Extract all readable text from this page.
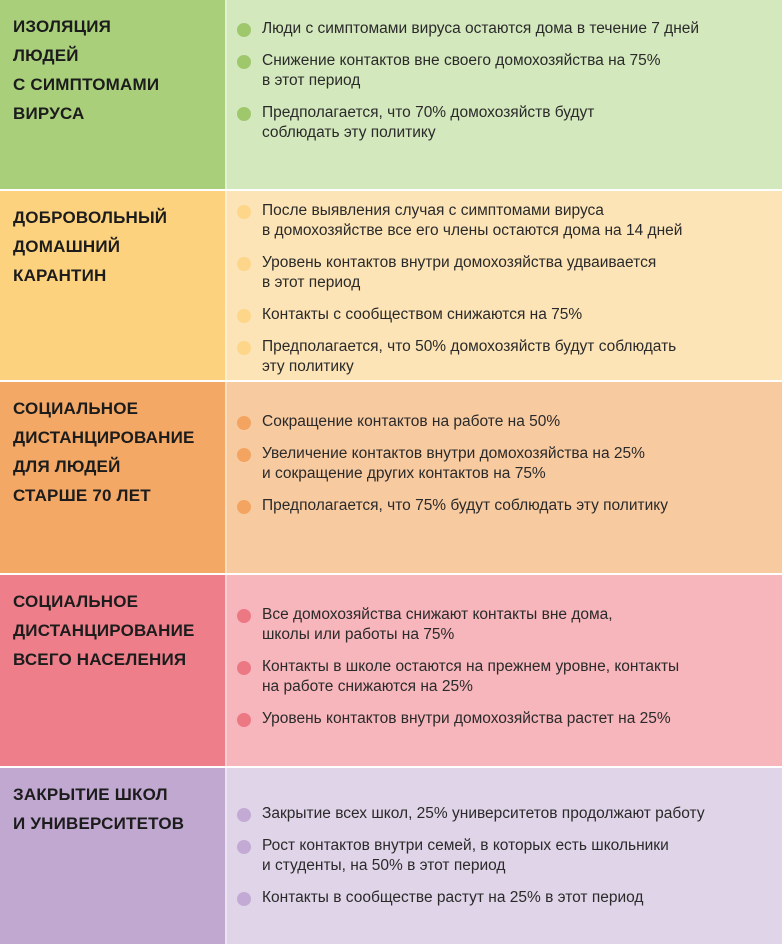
ИЗОЛЯЦИЯ
ЛЮДЕЙ
С СИМПТОМАМИ
ВИРУСА
Люди с симптомами вируса остаются дома в течение 7 дней
Снижение контактов вне своего домохозяйства на 75%
в этот период
Предполагается, что 70% домохозяйств будут
соблюдать эту политику
ДОБРОВОЛЬНЫЙ
ДОМАШНИЙ
КАРАНТИН
После выявления случая с симптомами вируса
в домохозяйстве все его члены остаются дома на 14 дней
Уровень контактов внутри домохозяйства удваивается
в этот период
Контакты с сообществом снижаются на 75%
Предполагается, что 50% домохозяйств будут соблюдать
эту политику
СОЦИАЛЬНОЕ
ДИСТАНЦИРОВАНИЕ
ДЛЯ ЛЮДЕЙ
СТАРШЕ 70 ЛЕТ
Сокращение контактов на работе на 50%
Увеличение контактов внутри домохозяйства на 25%
и сокращение других контактов на 75%
Предполагается, что 75% будут соблюдать эту политику
СОЦИАЛЬНОЕ
ДИСТАНЦИРОВАНИЕ
ВСЕГО НАСЕЛЕНИЯ
Все домохозяйства снижают контакты вне дома,
школы или работы на 75%
Контакты в школе остаются на прежнем уровне, контакты
на работе снижаются на 25%
Уровень контактов внутри домохозяйства растет на 25%
ЗАКРЫТИЕ ШКОЛ
И УНИВЕРСИТЕТОВ
Закрытие всех школ, 25% университетов продолжают работу
Рост контактов внутри семей, в которых есть школьники
и студенты, на 50% в этот период
Контакты в сообществе растут на 25% в этот период
